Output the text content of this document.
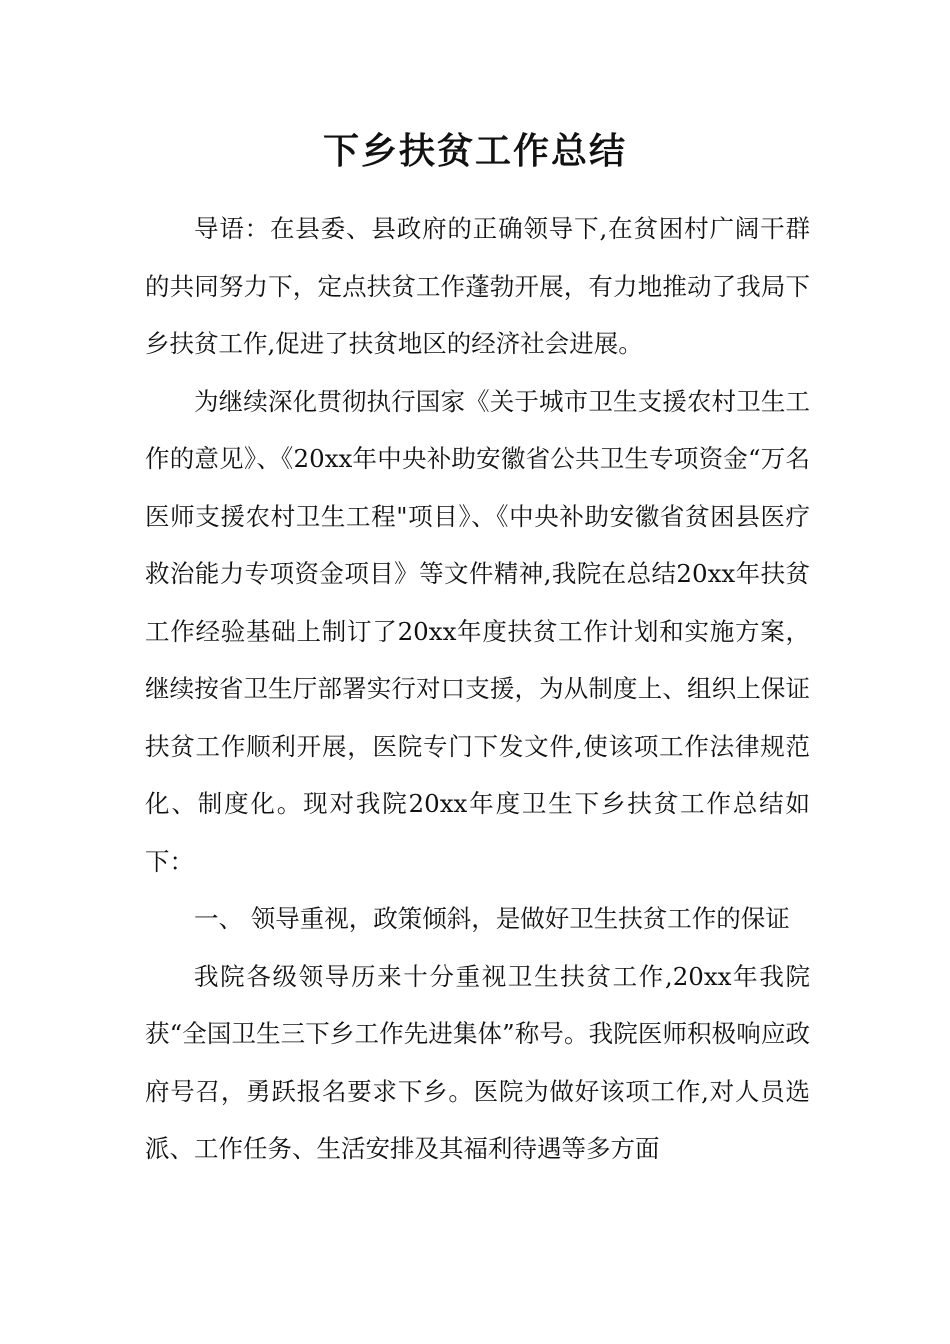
下乡扶贫工作总结

导语：在县委、县政府的正确领导下,在贫困村广阔干群的共同努力下，定点扶贫工作蓬勃开展，有力地推动了我局下乡扶贫工作,促进了扶贫地区的经济社会进展。

为继续深化贯彻执行国家《关于城市卫生支援农村卫生工作的意见》、《20xx年中央补助安徽省公共卫生专项资金“万名医师支援农村卫生工程"项目》、《中央补助安徽省贫困县医疗救治能力专项资金项目》等文件精神,我院在总结20xx年扶贫工作经验基础上制订了20xx年度扶贫工作计划和实施方案，继续按省卫生厅部署实行对口支援，为从制度上、组织上保证扶贫工作顺利开展，医院专门下发文件,使该项工作法律规范化、制度化。现对我院20xx年度卫生下乡扶贫工作总结如下：

一、 领导重视，政策倾斜，是做好卫生扶贫工作的保证

我院各级领导历来十分重视卫生扶贫工作,20xx年我院获“全国卫生三下乡工作先进集体”称号。我院医师积极响应政府号召，勇跃报名要求下乡。医院为做好该项工作,对人员选派、工作任务、生活安排及其福利待遇等多方面
